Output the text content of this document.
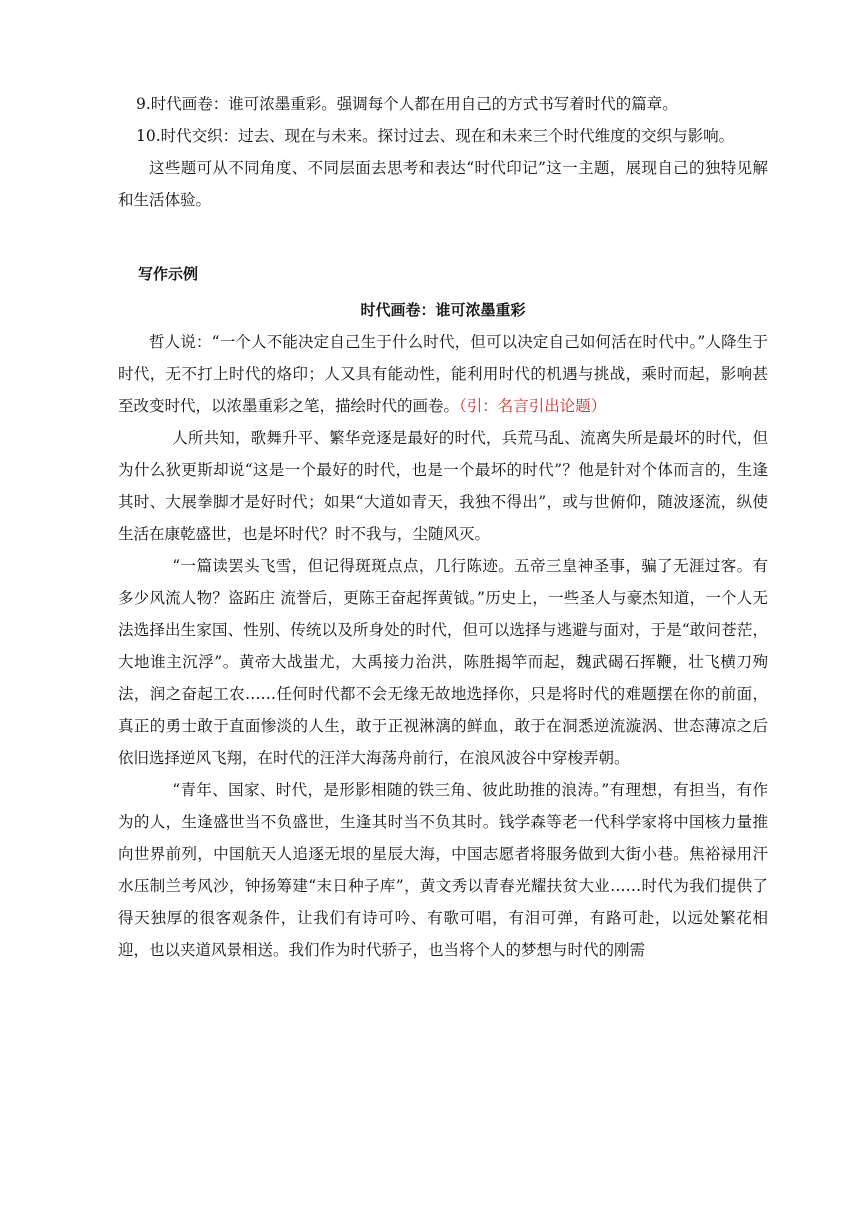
9.时代画卷：谁可浓墨重彩。强调每个人都在用自己的方式书写着时代的篇章。

10.时代交织：过去、现在与未来。探讨过去、现在和未来三个时代维度的交织与影响。

这些题可从不同角度、不同层面去思考和表达“时代印记”这一主题，展现自己的独特见解和生活体验。

写作示例

时代画卷：谁可浓墨重彩

哲人说：“一个人不能决定自己生于什么时代，但可以决定自己如何活在时代中。”人降生于时代，无不打上时代的烙印；人又具有能动性，能利用时代的机遇与挑战，乘时而起，影响甚至改变时代，以浓墨重彩之笔，描绘时代的画卷。（引：名言引出论题）

人所共知，歌舞升平、繁华竞逐是最好的时代，兵荒马乱、流离失所是最坏的时代，但为什么狄更斯却说“这是一个最好的时代，也是一个最坏的时代”？他是针对个体而言的，生逢其时、大展拳脚才是好时代；如果“大道如青天，我独不得出”，或与世俯仰，随波逐流，纵使生活在康乾盛世，也是坏时代？时不我与，尘随风灭。

“一篇读罢头飞雪，但记得斑斑点点，几行陈迹。五帝三皇神圣事，骗了无涯过客。有多少风流人物？盗跖庄 流誉后，更陈王奋起挥黄钺。”历史上，一些圣人与豪杰知道，一个人无法选择出生家国、性别、传统以及所身处的时代，但可以选择与逃避与面对，于是“敢问苍茫，大地谁主沉浮”。黄帝大战蚩尤，大禹接力治洪，陈胜揭竿而起，魏武碣石挥鞭，壮飞横刀殉法，润之奋起工农……任何时代都不会无缘无故地选择你，只是将时代的难题摆在你的前面，真正的勇士敢于直面惨淡的人生，敢于正视淋漓的鲜血，敢于在洞悉逆流漩涡、世态薄凉之后依旧选择逆风飞翔，在时代的汪洋大海荡舟前行，在浪风波谷中穿梭弄朝。

“青年、国家、时代，是形影相随的铁三角、彼此助推的浪涛。”有理想，有担当，有作为的人，生逢盛世当不负盛世，生逢其时当不负其时。钱学森等老一代科学家将中国核力量推向世界前列，中国航天人追逐无垠的星辰大海，中国志愿者将服务做到大街小巷。焦裕禄用汗水压制兰考风沙，钟扬筹建“末日种子库”，黄文秀以青春光耀扶贫大业……时代为我们提供了得天独厚的很客观条件，让我们有诗可吟、有歌可唱，有泪可弹，有路可赴，以远处繁花相迎，也以夹道风景相送。我们作为时代骄子，也当将个人的梦想与时代的刚需
